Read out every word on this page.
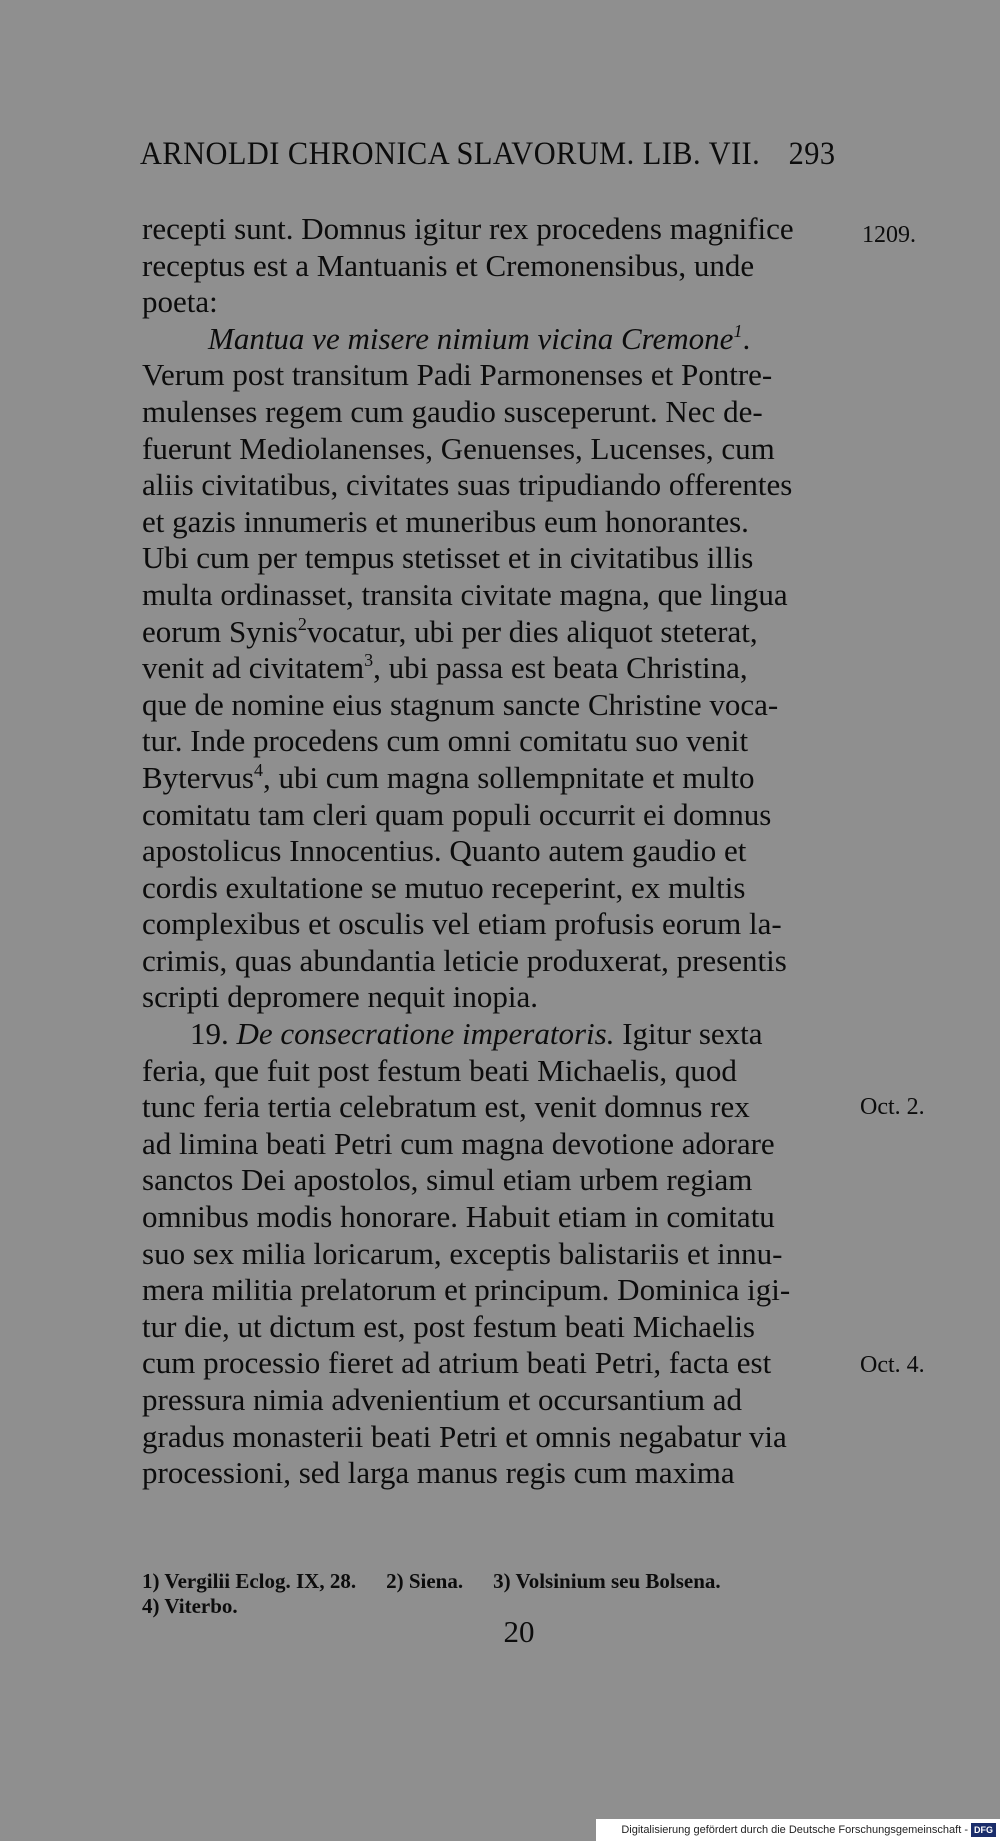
ARNOLDI CHRONICA SLAVORUM. LIB. VII. 293
1209.
Oct. 2.
Oct. 4.
recepti sunt. Domnus igitur rex procedens magnifice
receptus est a Mantuanis et Cremonensibus, unde
poeta:
Mantua ve misere nimium vicina Cremone$^1$.
Verum post transitum Padi Parmonenses et Pontre-
mulenses regem cum gaudio susceperunt. Nec de-
fuerunt Mediolanenses, Genuenses, Lucenses, cum
aliis civitatibus, civitates suas tripudiando offerentes
et gazis innumeris et muneribus eum honorantes.
Ubi cum per tempus stetisset et in civitatibus illis
multa ordinasset, transita civitate magna, que lingua
eorum Synis$^2$vocatur, ubi per dies aliquot steterat,
venit ad civitatem$^3$, ubi passa est beata Christina,
que de nomine eius stagnum sancte Christine voca-
tur. Inde procedens cum omni comitatu suo venit
Bytervus$^4$, ubi cum magna sollempnitate et multo
comitatu tam cleri quam populi occurrit ei domnus
apostolicus Innocentius. Quanto autem gaudio et
cordis exultatione se mutuo receperint, ex multis
complexibus et osculis vel etiam profusis eorum la-
crimis, quas abundantia leticie produxerat, presentis
scripti depromere nequit inopia.
19. De consecratione imperatoris. Igitur sexta
feria, que fuit post festum beati Michaelis, quod
tunc feria tertia celebratum est, venit domnus rex
ad limina beati Petri cum magna devotione adorare
sanctos Dei apostolos, simul etiam urbem regiam
omnibus modis honorare. Habuit etiam in comitatu
suo sex milia loricarum, exceptis balistariis et innu-
mera militia prelatorum et principum. Dominica igi-
tur die, ut dictum est, post festum beati Michaelis
cum processio fieret ad atrium beati Petri, facta est
pressura nimia advenientium et occursantium ad
gradus monasterii beati Petri et omnis negabatur via
processioni, sed larga manus regis cum maxima
1) Vergilii Eclog. IX, 28. 2) Siena. 3) Volsinium seu Bolsena.
4) Viterbo.
20
Digitalisierung gefördert durch die Deutsche Forschungsgemeinschaft - DFG
